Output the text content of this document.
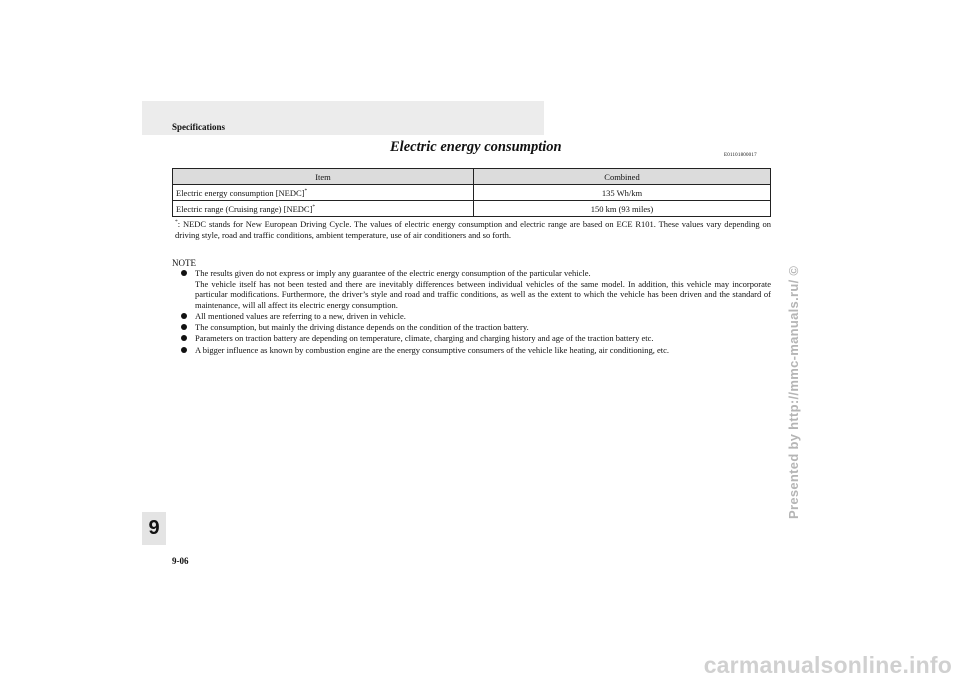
Specifications
Electric energy consumption
E01101800017
Item	Combined
Electric energy consumption [NEDC]*	135 Wh/km
Electric range (Cruising range) [NEDC]*	150 km (93 miles)
*: NEDC stands for New European Driving Cycle. The values of electric energy consumption and electric range are based on ECE R101. These values vary depending on driving style, road and traffic conditions, ambient temperature, use of air conditioners and so forth.
NOTE
The results given do not express or imply any guarantee of the electric energy consumption of the particular vehicle.
The vehicle itself has not been tested and there are inevitably differences between individual vehicles of the same model. In addition, this vehicle may incorporate particular modifications. Furthermore, the driver’s style and road and traffic conditions, as well as the extent to which the vehicle has been driven and the standard of maintenance, will all affect its electric energy consumption.
All mentioned values are referring to a new, driven in vehicle.
The consumption, but mainly the driving distance depends on the condition of the traction battery.
Parameters on traction battery are depending on temperature, climate, charging and charging history and age of the traction battery etc.
A bigger influence as known by combustion engine are the energy consumptive consumers of the vehicle like heating, air conditioning, etc.
9
9-06
Presented by http://mmc-manuals.ru/ ©
carmanualsonline.info
